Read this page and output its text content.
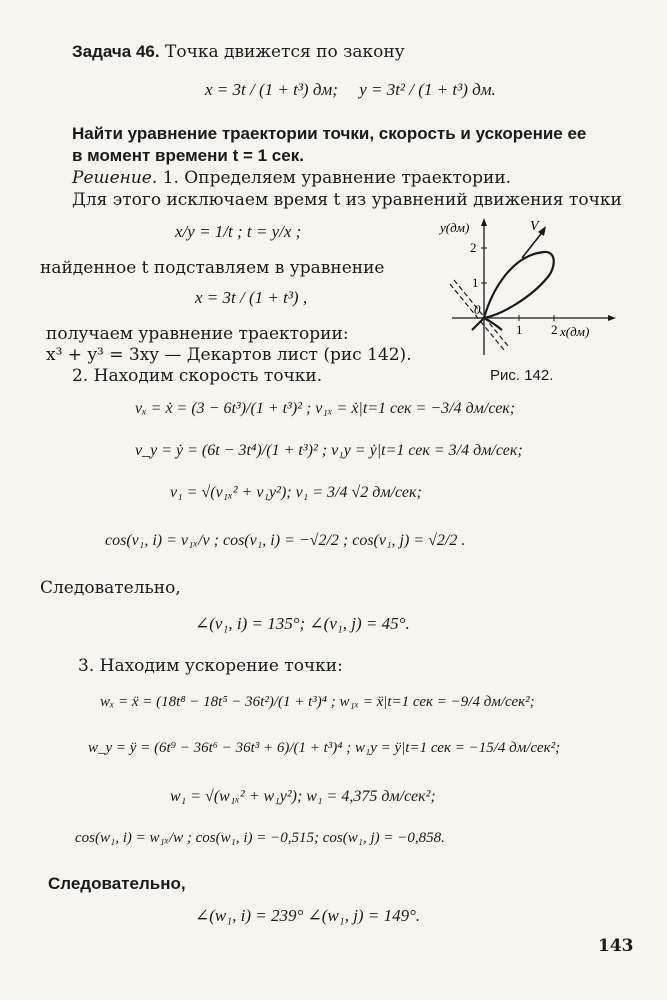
Задача 46. Точка движется по закону
x = 3t / (1 + t³) дм; y = 3t² / (1 + t³) дм.
Найти уравнение траектории точки, скорость и ускорение ее
в момент времени t = 1 сек.
Решение. 1. Определяем уравнение траектории.
Для этого исключаем время t из уравнений движения точки
x/y = 1/t ; t = y/x ;
найденное t подставляем в уравнение
x = 3t / (1 + t³) ,
получаем уравнение траектории:
x³ + y³ = 3xy — Декартов лист (рис 142).
2. Находим скорость точки.
vₓ = ẋ = (3 − 6t³)/(1 + t³)² ; v₁ₓ = ẋ|t=1 сек = −3/4 дм/сек;
v_y = ẏ = (6t − 3t⁴)/(1 + t³)² ; v₁y = ẏ|t=1 сек = 3/4 дм/сек;
v₁ = √(v₁ₓ² + v₁y²); v₁ = 3/4 √2 дм/сек;
cos(v₁, i) = v₁ₓ/v ; cos(v₁, i) = −√2/2 ; cos(v₁, j) = √2/2 .
Следовательно,
∠(v₁, i) = 135°; ∠(v₁, j) = 45°.
3. Находим ускорение точки:
wₓ = ẍ = (18t⁸ − 18t⁵ − 36t²)/(1 + t³)⁴ ; w₁ₓ = ẍ|t=1 сек = −9/4 дм/сек²;
w_y = ÿ = (6t⁹ − 36t⁶ − 36t³ + 6)/(1 + t³)⁴ ; w₁y = ÿ|t=1 сек = −15/4 дм/сек²;
w₁ = √(w₁ₓ² + w₁y²); w₁ = 4,375 дм/сек²;
cos(w₁, i) = w₁ₓ/w ; cos(w₁, i) = −0,515; cos(w₁, j) = −0,858.
Следовательно,
∠(w₁, i) = 239° ∠(w₁, j) = 149°.
y(дм)
x(дм)
V
2
1
1 2
0
Рис. 142.
143
